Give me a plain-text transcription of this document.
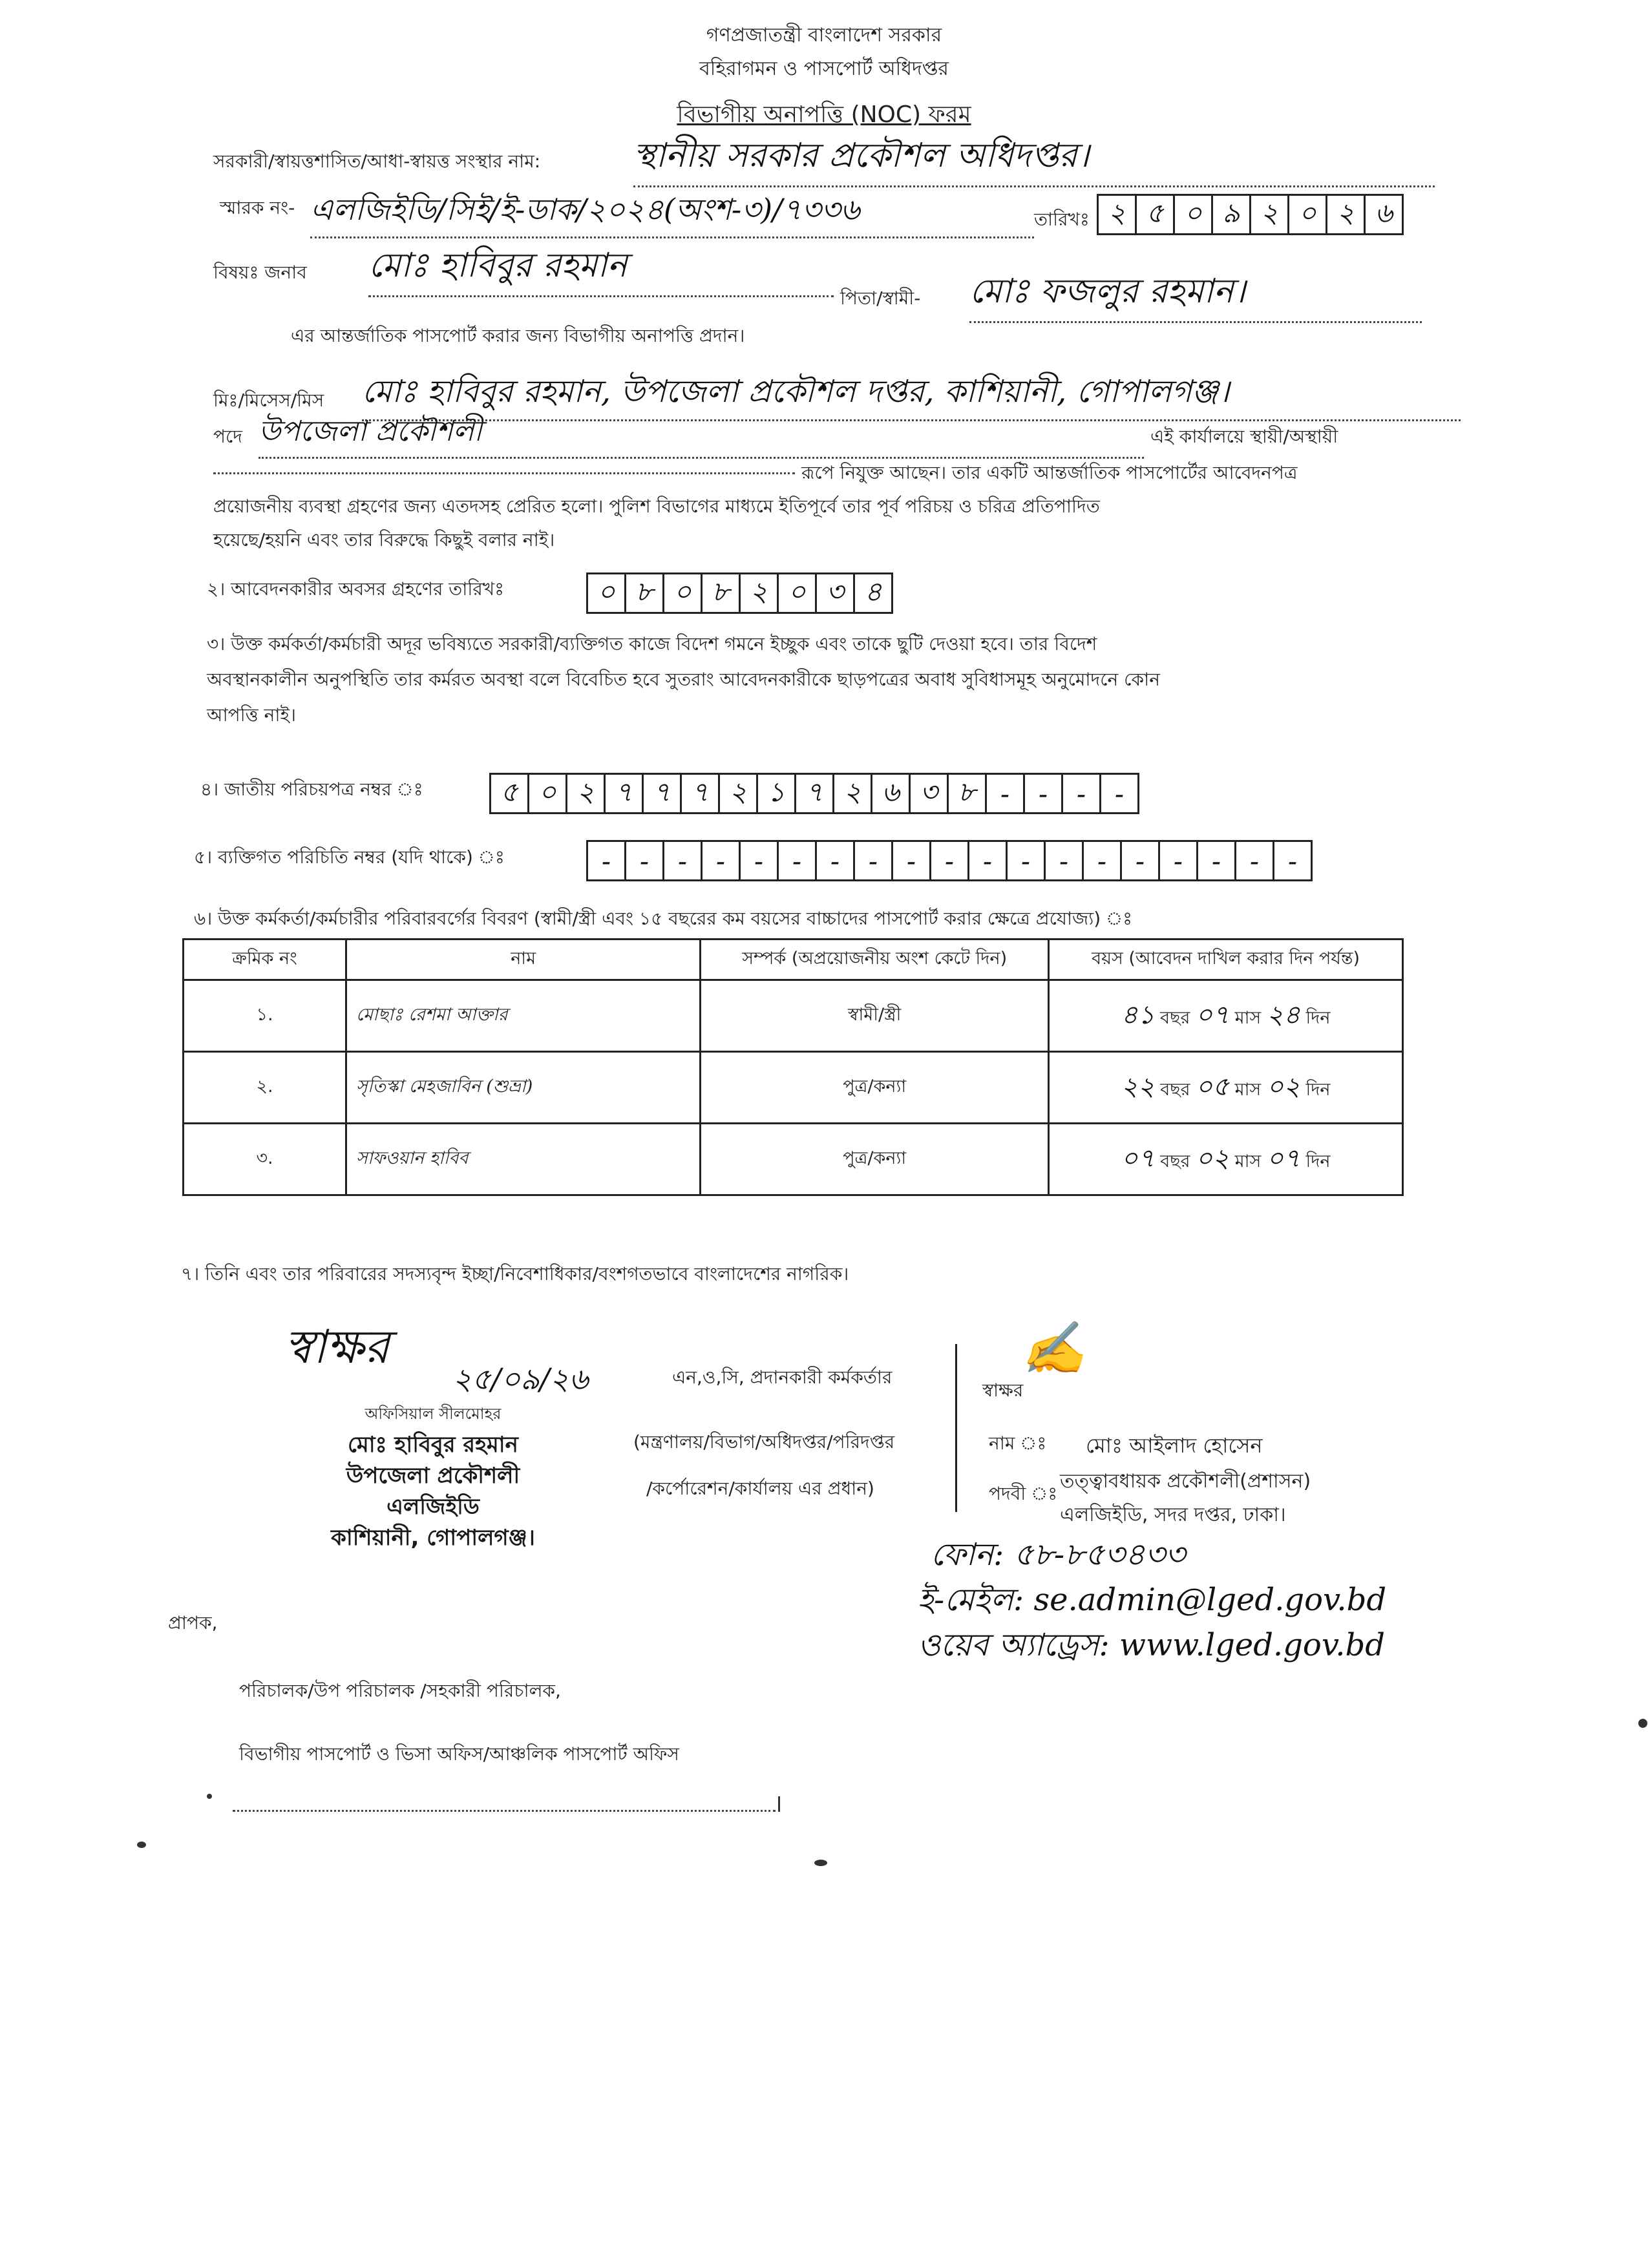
গণপ্রজাতন্ত্রী বাংলাদেশ সরকার
বহিরাগমন ও পাসপোর্ট অধিদপ্তর
বিভাগীয় অনাপত্তি (NOC) ফরম
সরকারী/স্বায়ত্তশাসিত/আধা-স্বায়ত্ত সংস্থার নাম:	স্থানীয় সরকার প্রকৌশল অধিদপ্তর।
স্মারক নং- এলজিইডি/সিই/ই-ডাক/২০২৪(অংশ-৩)/৭৩৩৬	তারিখঃ ২ ৫ ০ ৯ ২ ০ ২ ৬
বিষয়ঃ জনাব মোঃ হাবিবুর রহমান
পিতা/স্বামী- মোঃ ফজলুর রহমান।
এর আন্তর্জাতিক পাসপোর্ট করার জন্য বিভাগীয় অনাপত্তি প্রদান।
মিঃ/মিসেস/মিস মোঃ হাবিবুর রহমান, উপজেলা প্রকৌশল দপ্তর, কাশিয়ানী, গোপালগঞ্জ।
পদে উপজেলা প্রকৌশলী	এই কার্যালয়ে স্থায়ী/অস্থায়ী
রূপে নিযুক্ত আছেন। তার একটি আন্তর্জাতিক পাসপোর্টের আবেদনপত্র
প্রয়োজনীয় ব্যবস্থা গ্রহণের জন্য এতদসহ প্রেরিত হলো। পুলিশ বিভাগের মাধ্যমে ইতিপূর্বে তার পূর্ব পরিচয় ও চরিত্র প্রতিপাদিত
হয়েছে/হয়নি এবং তার বিরুদ্ধে কিছুই বলার নাই।
২। আবেদনকারীর অবসর গ্রহণের তারিখঃ	০ ৮ ০ ৮ ২ ০ ৩ ৪
৩। উক্ত কর্মকর্তা/কর্মচারী অদূর ভবিষ্যতে সরকারী/ব্যক্তিগত কাজে বিদেশ গমনে ইচ্ছুক এবং তাকে ছুটি দেওয়া হবে। তার বিদেশ
অবস্থানকালীন অনুপস্থিতি তার কর্মরত অবস্থা বলে বিবেচিত হবে সুতরাং আবেদনকারীকে ছাড়পত্রের অবাধ সুবিধাসমূহ অনুমোদনে কোন
আপত্তি নাই।
৪। জাতীয় পরিচয়পত্র নম্বর ঃ	৫ ০ ২ ৭ ৭ ৭ ২ ১ ৭ ২ ৬ ৩ ৮ -	-	-	-
৫। ব্যক্তিগত পরিচিতি নম্বর (যদি থাকে) ঃ	-	-	-	-	-	-	-	-	-	-	-	-	-	-	-	-	-	-	-
৬। উক্ত কর্মকর্তা/কর্মচারীর পরিবারবর্গের বিবরণ (স্বামী/স্ত্রী এবং ১৫ বছরের কম বয়সের বাচ্চাদের পাসপোর্ট করার ক্ষেত্রে প্রযোজ্য) ঃ
ক্রমিক নং	নাম	সম্পর্ক (অপ্রয়োজনীয় অংশ কেটে দিন)	বয়স (আবেদন দাখিল করার দিন পর্যন্ত)
১.	মোছাঃ রেশমা আক্তার	স্বামী/স্ত্রী	৪১ বছর ০৭ মাস ২৪ দিন
২.	সৃতিস্কা মেহজাবিন (শুভ্রা)	পুত্র/কন্যা	২২ বছর ০৫ মাস ০২ দিন
৩.	সাফওয়ান হাবিব	পুত্র/কন্যা	০৭ বছর ০২ মাস ০৭ দিন
৭। তিনি এবং তার পরিবারের সদস্যবৃন্দ ইচ্ছা/নিবেশাধিকার/বংশগতভাবে বাংলাদেশের নাগরিক।
স্বাক্ষর
২৫/০৯/২৬
অফিসিয়াল সীলমোহর
মোঃ হাবিবুর রহমান
উপজেলা প্রকৌশলী
এলজিইডি
কাশিয়ানী, গোপালগঞ্জ।
এন,ও,সি, প্রদানকারী কর্মকর্তার
(মন্ত্রণালয়/বিভাগ/অধিদপ্তর/পরিদপ্তর
/কর্পোরেশন/কার্যালয় এর প্রধান)
স্বাক্ষর
✍
নাম ঃ মোঃ আইলাদ হোসেন
তত্ত্বাবধায়ক প্রকৌশলী(প্রশাসন)
পদবী ঃ
এলজিইডি, সদর দপ্তর, ঢাকা।
ফোন: ৫৮-৮৫৩৪৩৩
ই-মেইল: se.admin@lged.gov.bd
ওয়েব অ্যাড্রেস: www.lged.gov.bd
প্রাপক,
পরিচালক/উপ পরিচালক /সহকারী পরিচালক,
বিভাগীয় পাসপোর্ট ও ভিসা অফিস/আঞ্চলিক পাসপোর্ট অফিস
